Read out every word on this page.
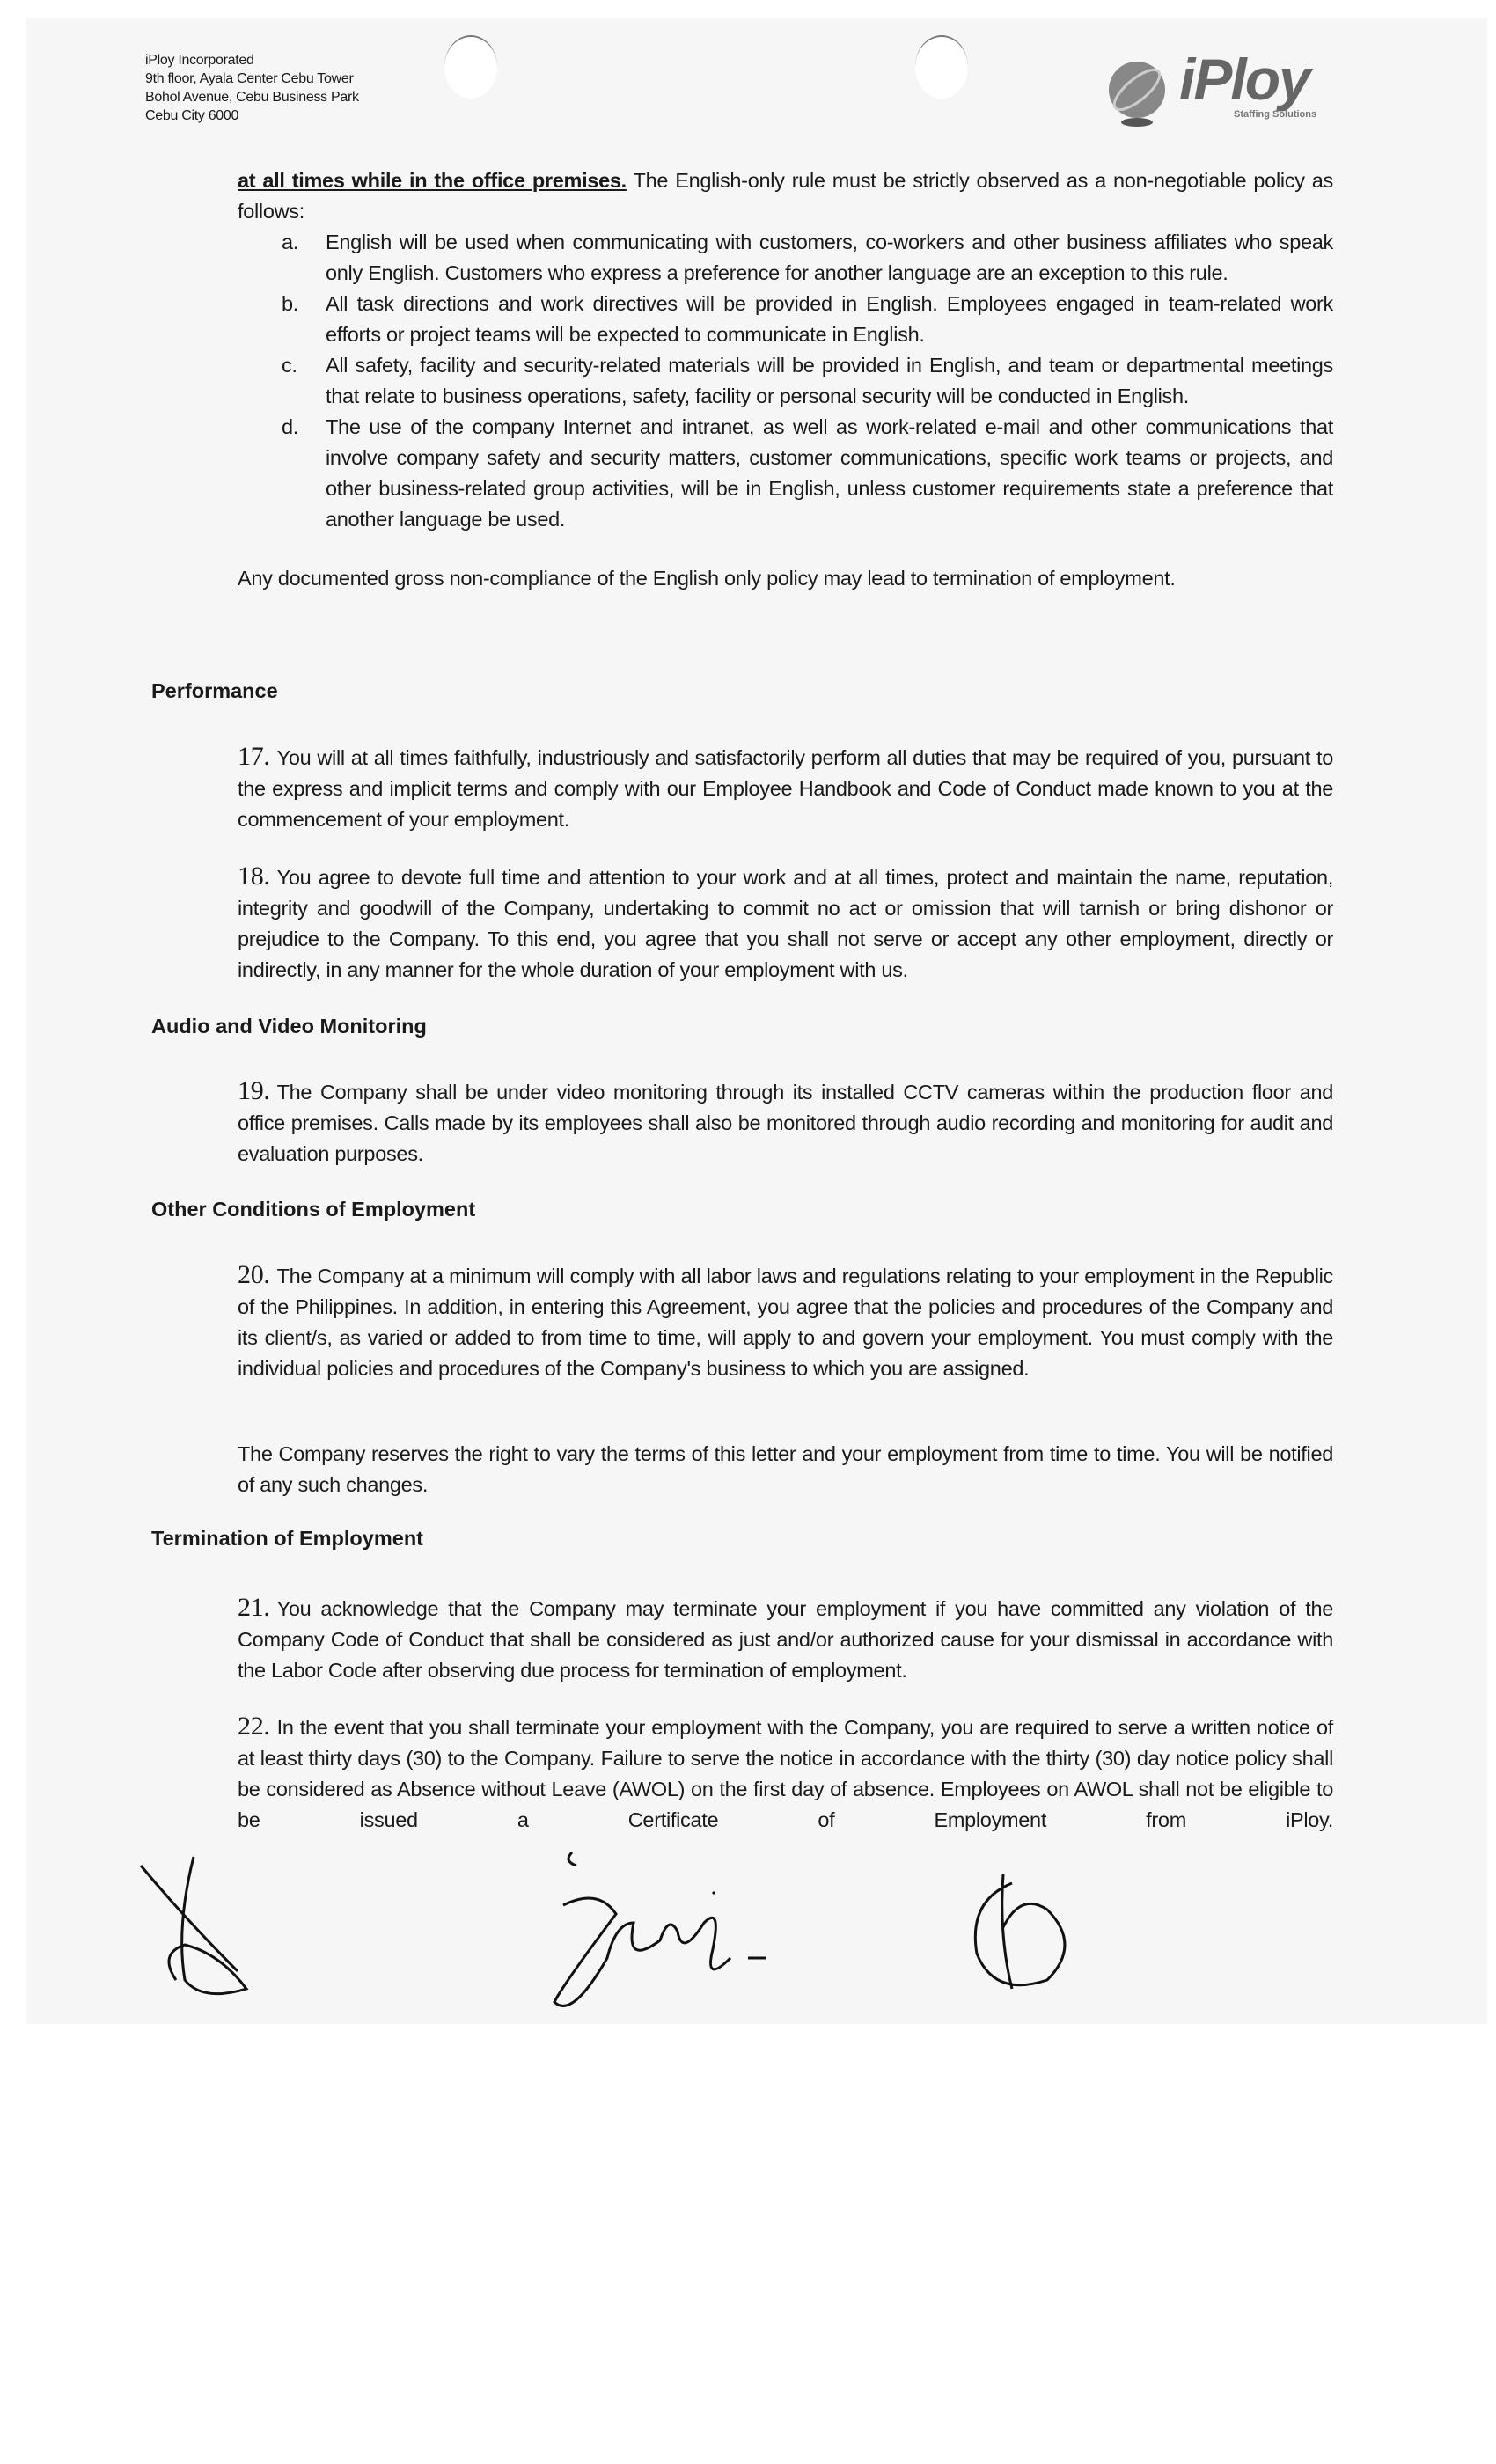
iPloy Incorporated
9th floor, Ayala Center Cebu Tower
Bohol Avenue, Cebu Business Park
Cebu City 6000
iPloy
Staffing Solutions

at all times while in the office premises. The English-only rule must be strictly observed as a non-negotiable policy as follows:

a. English will be used when communicating with customers, co-workers and other business affiliates who speak only English. Customers who express a preference for another language are an exception to this rule.
b. All task directions and work directives will be provided in English. Employees engaged in team-related work efforts or project teams will be expected to communicate in English.
c. All safety, facility and security-related materials will be provided in English, and team or departmental meetings that relate to business operations, safety, facility or personal security will be conducted in English.
d. The use of the company Internet and intranet, as well as work-related e-mail and other communications that involve company safety and security matters, customer communications, specific work teams or projects, and other business-related group activities, will be in English, unless customer requirements state a preference that another language be used.

Any documented gross non-compliance of the English only policy may lead to termination of employment.

Performance

17. You will at all times faithfully, industriously and satisfactorily perform all duties that may be required of you, pursuant to the express and implicit terms and comply with our Employee Handbook and Code of Conduct made known to you at the commencement of your employment.

18. You agree to devote full time and attention to your work and at all times, protect and maintain the name, reputation, integrity and goodwill of the Company, undertaking to commit no act or omission that will tarnish or bring dishonor or prejudice to the Company. To this end, you agree that you shall not serve or accept any other employment, directly or indirectly, in any manner for the whole duration of your employment with us.

Audio and Video Monitoring

19. The Company shall be under video monitoring through its installed CCTV cameras within the production floor and office premises. Calls made by its employees shall also be monitored through audio recording and monitoring for audit and evaluation purposes.

Other Conditions of Employment

20. The Company at a minimum will comply with all labor laws and regulations relating to your employment in the Republic of the Philippines. In addition, in entering this Agreement, you agree that the policies and procedures of the Company and its client/s, as varied or added to from time to time, will apply to and govern your employment. You must comply with the individual policies and procedures of the Company's business to which you are assigned.

The Company reserves the right to vary the terms of this letter and your employment from time to time. You will be notified of any such changes.

Termination of Employment

21. You acknowledge that the Company may terminate your employment if you have committed any violation of the Company Code of Conduct that shall be considered as just and/or authorized cause for your dismissal in accordance with the Labor Code after observing due process for termination of employment.

22. In the event that you shall terminate your employment with the Company, you are required to serve a written notice of at least thirty days (30) to the Company. Failure to serve the notice in accordance with the thirty (30) day notice policy shall be considered as Absence without Leave (AWOL) on the first day of absence. Employees on AWOL shall not be eligible to be issued a Certificate of Employment from iPloy.
